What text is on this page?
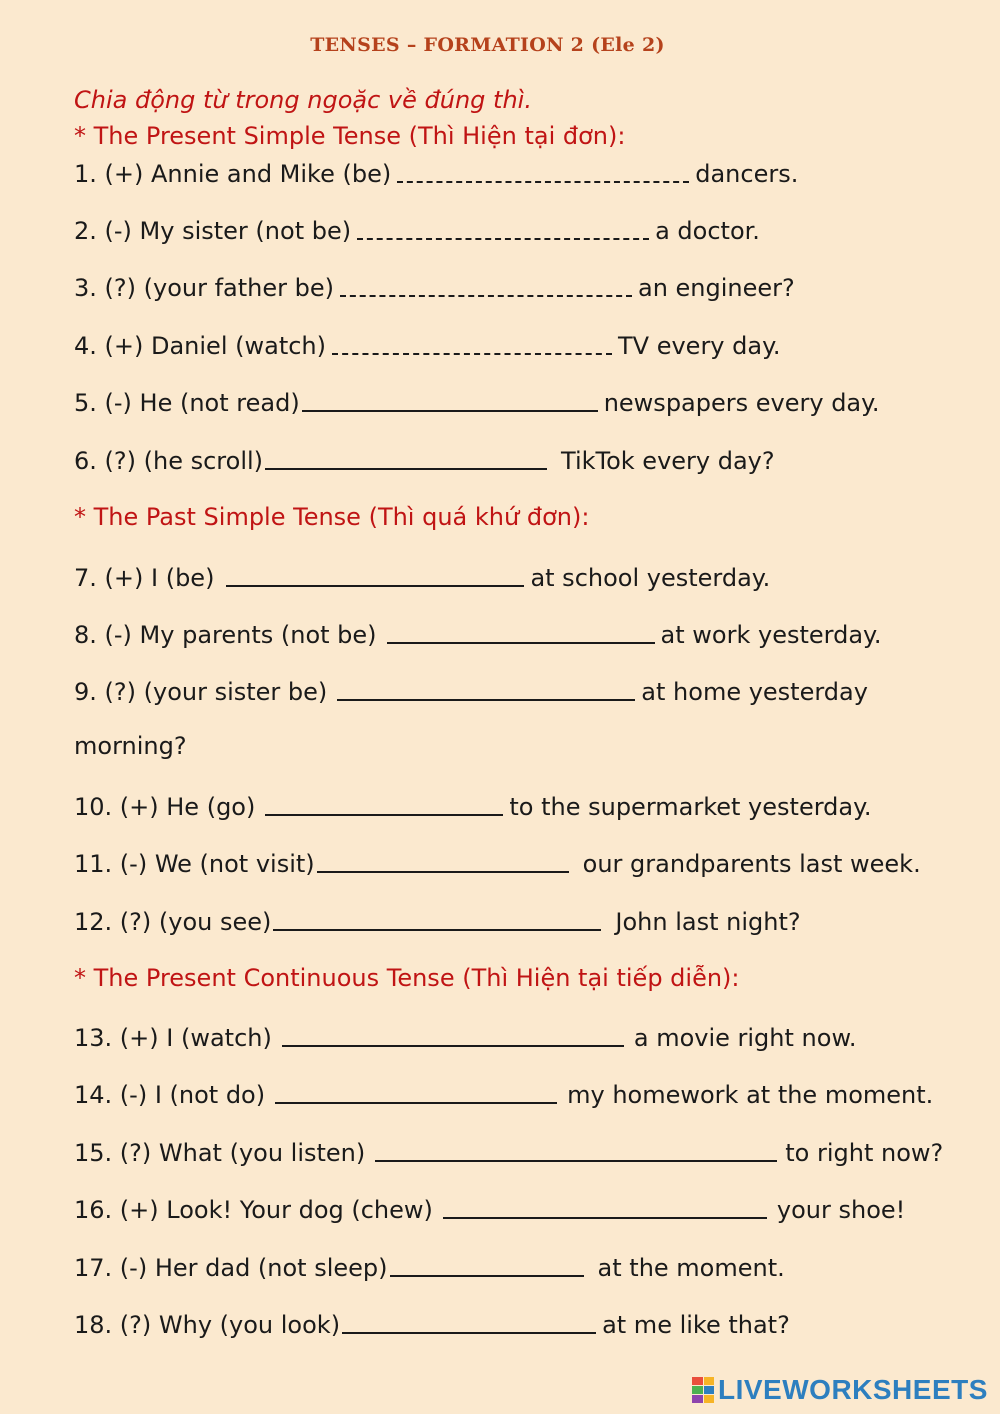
TENSES – FORMATION 2 (Ele 2)
Chia động từ trong ngoặc về đúng thì.
* The Present Simple Tense (Thì Hiện tại đơn):
1. (+) Annie and Mike (be)	dancers.
2. (-) My sister (not be)	a doctor.
3. (?) (your father be)	an engineer?
4. (+) Daniel (watch)	TV every day.
5. (-) He (not read)	newspapers every day.
6. (?) (he scroll)	TikTok every day?
* The Past Simple Tense (Thì quá khứ đơn):
7. (+) I (be)	at school yesterday.
8. (-) My parents (not be)	at work yesterday.
9. (?) (your sister be)	at home yesterday
morning?
10. (+) He (go)	to the supermarket yesterday.
11. (-) We (not visit)	our grandparents last week.
12. (?) (you see)	John last night?
* The Present Continuous Tense (Thì Hiện tại tiếp diễn):
13. (+) I (watch)	a movie right now.
14. (-) I (not do)	my homework at the moment.
15. (?) What (you listen)	to right now?
16. (+) Look! Your dog (chew)	your shoe!
17. (-) Her dad (not sleep)	at the moment.
18. (?) Why (you look)	at me like that?
LIVEWORKSHEETS
